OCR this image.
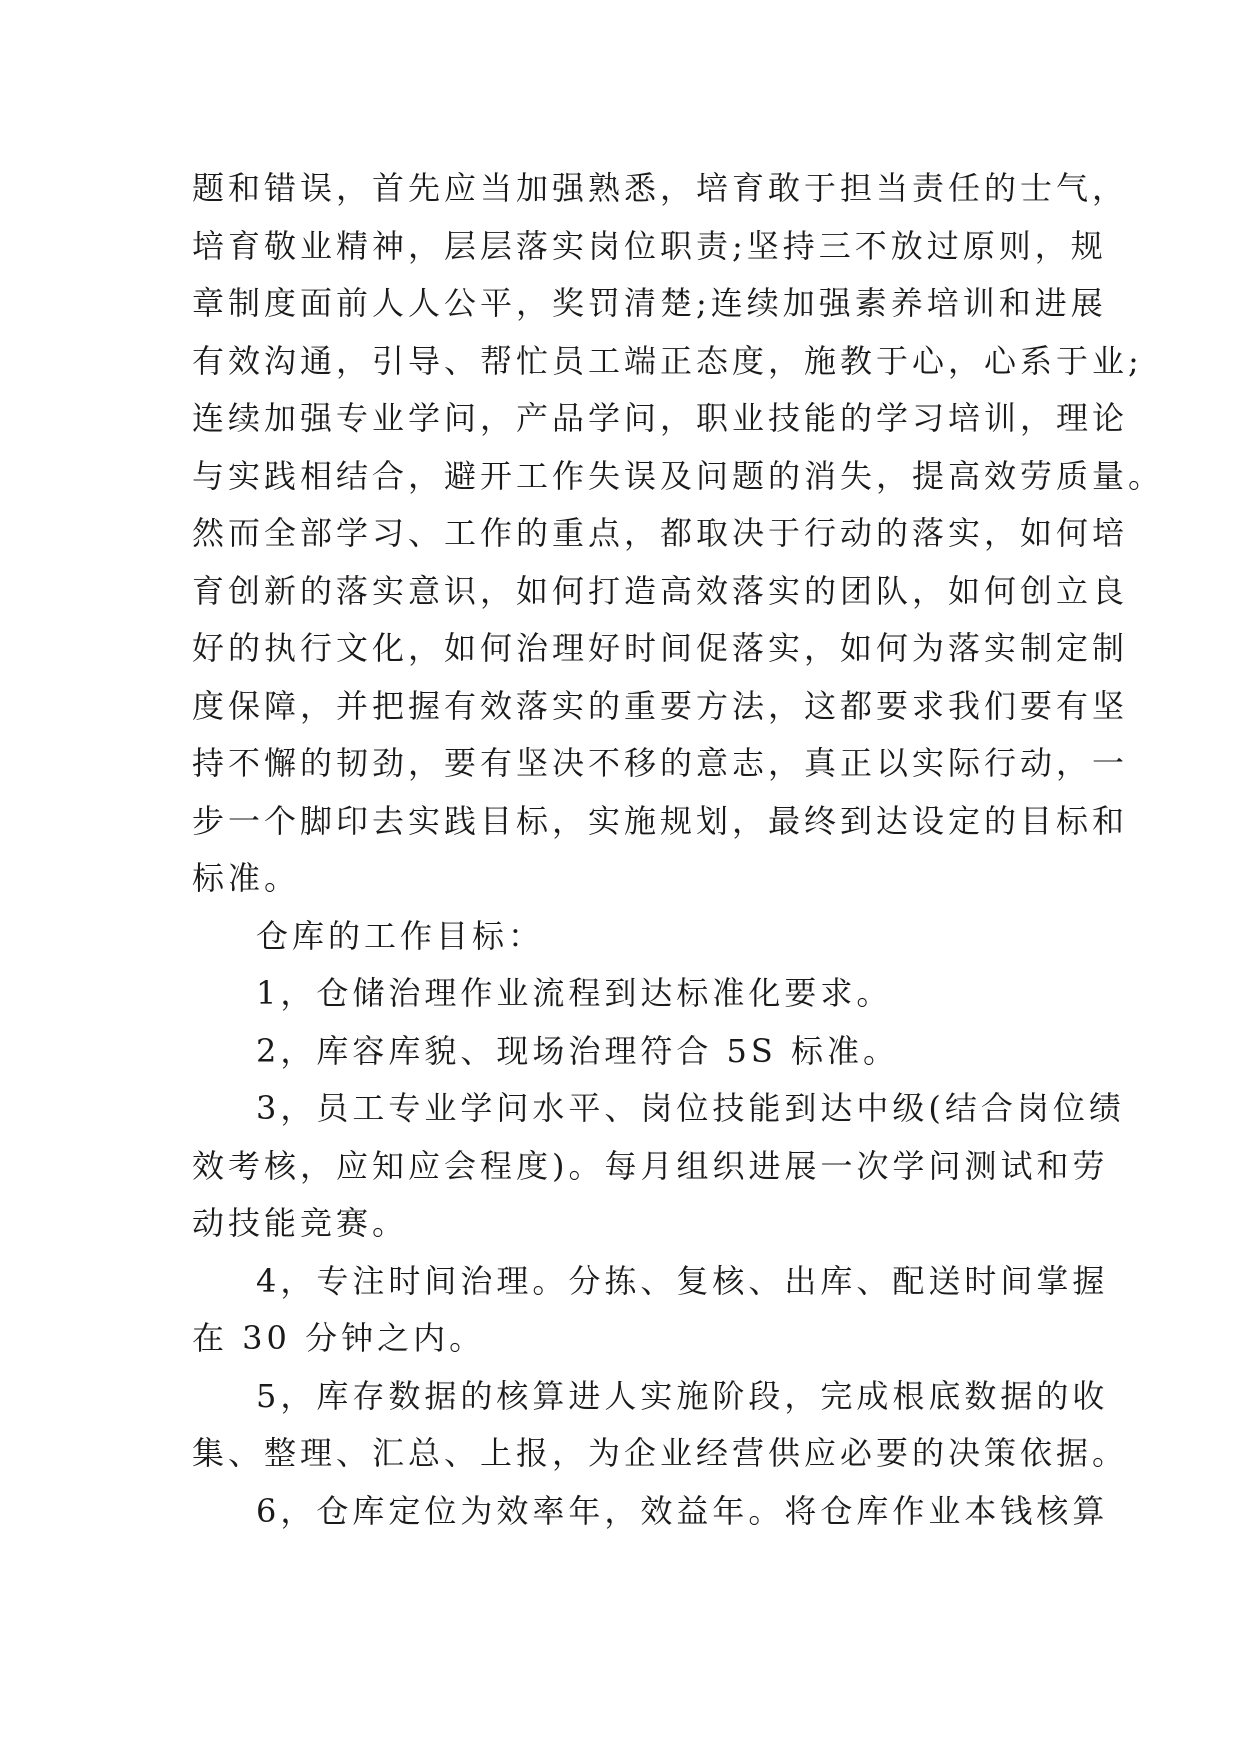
题和错误，首先应当加强熟悉，培育敢于担当责任的士气，
培育敬业精神，层层落实岗位职责;坚持三不放过原则，规
章制度面前人人公平，奖罚清楚;连续加强素养培训和进展
有效沟通，引导、帮忙员工端正态度，施教于心，心系于业;
连续加强专业学问，产品学问，职业技能的学习培训，理论
与实践相结合，避开工作失误及问题的消失，提高效劳质量。
然而全部学习、工作的重点，都取决于行动的落实，如何培
育创新的落实意识，如何打造高效落实的团队，如何创立良
好的执行文化，如何治理好时间促落实，如何为落实制定制
度保障，并把握有效落实的重要方法，这都要求我们要有坚
持不懈的韧劲，要有坚决不移的意志，真正以实际行动，一
步一个脚印去实践目标，实施规划，最终到达设定的目标和
标准。
仓库的工作目标：
1，仓储治理作业流程到达标准化要求。
2，库容库貌、现场治理符合 5S 标准。
3，员工专业学问水平、岗位技能到达中级(结合岗位绩
效考核，应知应会程度)。每月组织进展一次学问测试和劳
动技能竞赛。
4，专注时间治理。分拣、复核、出库、配送时间掌握
在 30 分钟之内。
5，库存数据的核算进人实施阶段，完成根底数据的收
集、整理、汇总、上报，为企业经营供应必要的决策依据。
6，仓库定位为效率年，效益年。将仓库作业本钱核算
